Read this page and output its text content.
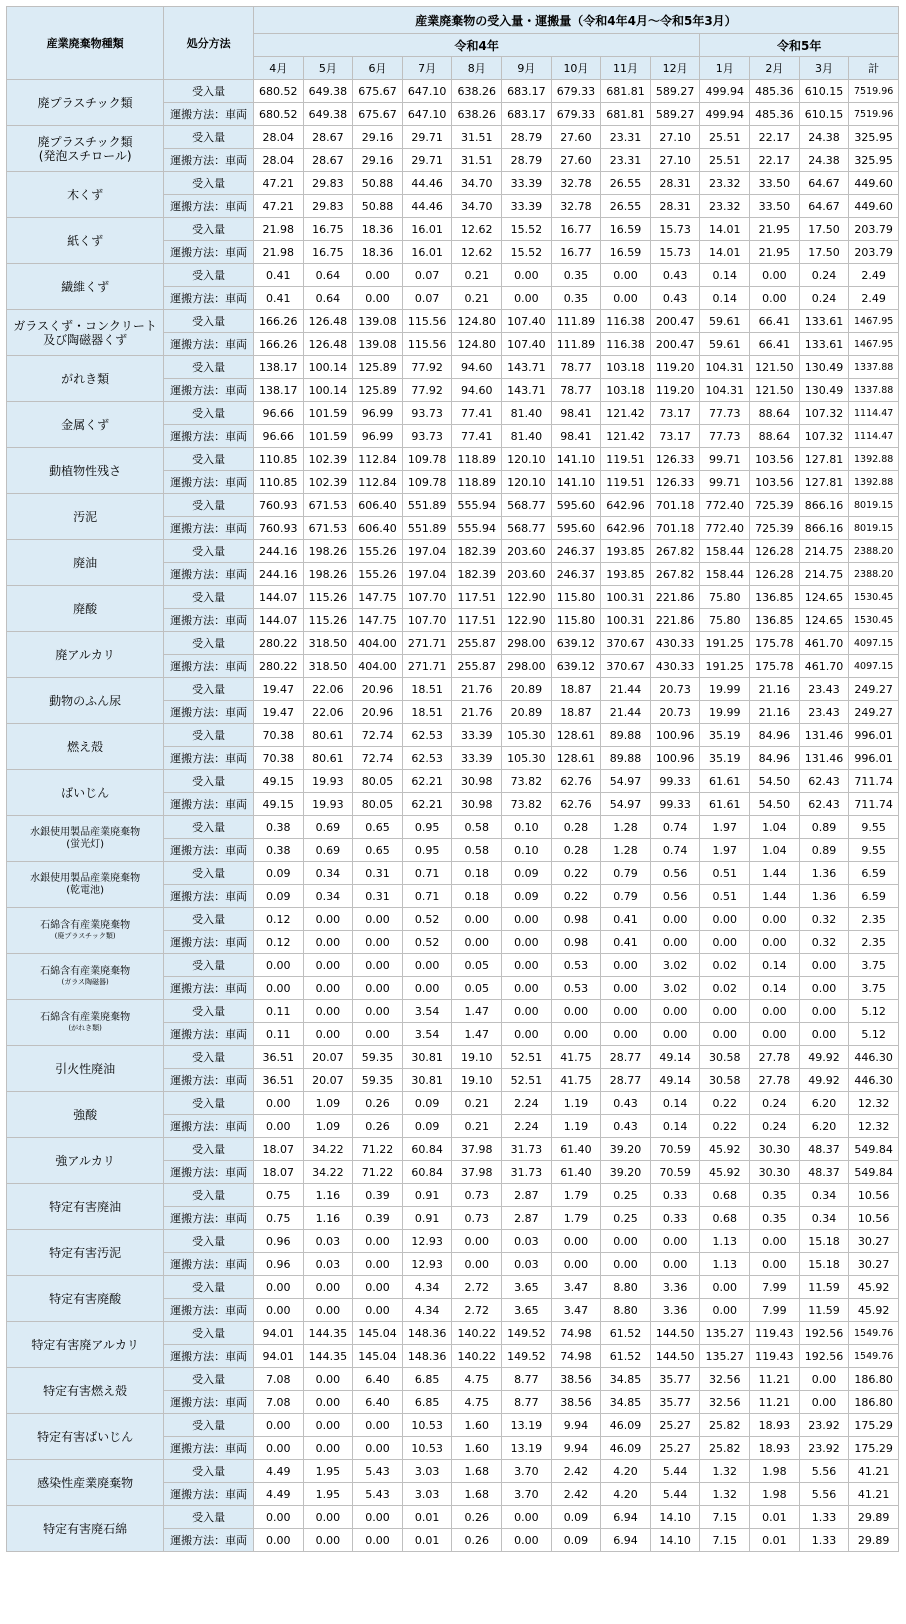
産業廃棄物種類	処分方法	産業廃棄物の受入量・運搬量（令和4年4月～令和5年3月）												
		令和4年									令和5年			
		4月	5月	6月	7月	8月	9月	10月	11月	12月	1月	2月	3月	計

廃プラスチック類	受入量	680.52	649.38	675.67	647.10	638.26	683.17	679.33	681.81	589.27	499.94	485.36	610.15	7519.96
	運搬方法：車両	680.52	649.38	675.67	647.10	638.26	683.17	679.33	681.81	589.27	499.94	485.36	610.15	7519.96

廃プラスチック類
(発泡スチロール)	受入量	28.04	28.67	29.16	29.71	31.51	28.79	27.60	23.31	27.10	25.51	22.17	24.38	325.95
	運搬方法：車両	28.04	28.67	29.16	29.71	31.51	28.79	27.60	23.31	27.10	25.51	22.17	24.38	325.95

木くず	受入量	47.21	29.83	50.88	44.46	34.70	33.39	32.78	26.55	28.31	23.32	33.50	64.67	449.60
	運搬方法：車両	47.21	29.83	50.88	44.46	34.70	33.39	32.78	26.55	28.31	23.32	33.50	64.67	449.60

紙くず	受入量	21.98	16.75	18.36	16.01	12.62	15.52	16.77	16.59	15.73	14.01	21.95	17.50	203.79
	運搬方法：車両	21.98	16.75	18.36	16.01	12.62	15.52	16.77	16.59	15.73	14.01	21.95	17.50	203.79

繊維くず	受入量	0.41	0.64	0.00	0.07	0.21	0.00	0.35	0.00	0.43	0.14	0.00	0.24	2.49
	運搬方法：車両	0.41	0.64	0.00	0.07	0.21	0.00	0.35	0.00	0.43	0.14	0.00	0.24	2.49

ガラスくず・コンクリート
及び陶磁器くず	受入量	166.26	126.48	139.08	115.56	124.80	107.40	111.89	116.38	200.47	59.61	66.41	133.61	1467.95
	運搬方法：車両	166.26	126.48	139.08	115.56	124.80	107.40	111.89	116.38	200.47	59.61	66.41	133.61	1467.95

がれき類	受入量	138.17	100.14	125.89	77.92	94.60	143.71	78.77	103.18	119.20	104.31	121.50	130.49	1337.88
	運搬方法：車両	138.17	100.14	125.89	77.92	94.60	143.71	78.77	103.18	119.20	104.31	121.50	130.49	1337.88

金属くず	受入量	96.66	101.59	96.99	93.73	77.41	81.40	98.41	121.42	73.17	77.73	88.64	107.32	1114.47
	運搬方法：車両	96.66	101.59	96.99	93.73	77.41	81.40	98.41	121.42	73.17	77.73	88.64	107.32	1114.47

動植物性残さ	受入量	110.85	102.39	112.84	109.78	118.89	120.10	141.10	119.51	126.33	99.71	103.56	127.81	1392.88
	運搬方法：車両	110.85	102.39	112.84	109.78	118.89	120.10	141.10	119.51	126.33	99.71	103.56	127.81	1392.88

汚泥	受入量	760.93	671.53	606.40	551.89	555.94	568.77	595.60	642.96	701.18	772.40	725.39	866.16	8019.15
	運搬方法：車両	760.93	671.53	606.40	551.89	555.94	568.77	595.60	642.96	701.18	772.40	725.39	866.16	8019.15

廃油	受入量	244.16	198.26	155.26	197.04	182.39	203.60	246.37	193.85	267.82	158.44	126.28	214.75	2388.20
	運搬方法：車両	244.16	198.26	155.26	197.04	182.39	203.60	246.37	193.85	267.82	158.44	126.28	214.75	2388.20

廃酸	受入量	144.07	115.26	147.75	107.70	117.51	122.90	115.80	100.31	221.86	75.80	136.85	124.65	1530.45
	運搬方法：車両	144.07	115.26	147.75	107.70	117.51	122.90	115.80	100.31	221.86	75.80	136.85	124.65	1530.45

廃アルカリ	受入量	280.22	318.50	404.00	271.71	255.87	298.00	639.12	370.67	430.33	191.25	175.78	461.70	4097.15
	運搬方法：車両	280.22	318.50	404.00	271.71	255.87	298.00	639.12	370.67	430.33	191.25	175.78	461.70	4097.15

動物のふん尿	受入量	19.47	22.06	20.96	18.51	21.76	20.89	18.87	21.44	20.73	19.99	21.16	23.43	249.27
	運搬方法：車両	19.47	22.06	20.96	18.51	21.76	20.89	18.87	21.44	20.73	19.99	21.16	23.43	249.27

燃え殻	受入量	70.38	80.61	72.74	62.53	33.39	105.30	128.61	89.88	100.96	35.19	84.96	131.46	996.01
	運搬方法：車両	70.38	80.61	72.74	62.53	33.39	105.30	128.61	89.88	100.96	35.19	84.96	131.46	996.01

ばいじん	受入量	49.15	19.93	80.05	62.21	30.98	73.82	62.76	54.97	99.33	61.61	54.50	62.43	711.74
	運搬方法：車両	49.15	19.93	80.05	62.21	30.98	73.82	62.76	54.97	99.33	61.61	54.50	62.43	711.74

水銀使用製品産業廃棄物
(蛍光灯)	受入量	0.38	0.69	0.65	0.95	0.58	0.10	0.28	1.28	0.74	1.97	1.04	0.89	9.55
	運搬方法：車両	0.38	0.69	0.65	0.95	0.58	0.10	0.28	1.28	0.74	1.97	1.04	0.89	9.55

水銀使用製品産業廃棄物
(乾電池)	受入量	0.09	0.34	0.31	0.71	0.18	0.09	0.22	0.79	0.56	0.51	1.44	1.36	6.59
	運搬方法：車両	0.09	0.34	0.31	0.71	0.18	0.09	0.22	0.79	0.56	0.51	1.44	1.36	6.59

石綿含有産業廃棄物
(廃プラスチック類)	受入量	0.12	0.00	0.00	0.52	0.00	0.00	0.98	0.41	0.00	0.00	0.00	0.32	2.35
	運搬方法：車両	0.12	0.00	0.00	0.52	0.00	0.00	0.98	0.41	0.00	0.00	0.00	0.32	2.35

石綿含有産業廃棄物
(ガラス陶磁器)	受入量	0.00	0.00	0.00	0.00	0.05	0.00	0.53	0.00	3.02	0.02	0.14	0.00	3.75
	運搬方法：車両	0.00	0.00	0.00	0.00	0.05	0.00	0.53	0.00	3.02	0.02	0.14	0.00	3.75

石綿含有産業廃棄物
(がれき類)	受入量	0.11	0.00	0.00	3.54	1.47	0.00	0.00	0.00	0.00	0.00	0.00	0.00	5.12
	運搬方法：車両	0.11	0.00	0.00	3.54	1.47	0.00	0.00	0.00	0.00	0.00	0.00	0.00	5.12

引火性廃油	受入量	36.51	20.07	59.35	30.81	19.10	52.51	41.75	28.77	49.14	30.58	27.78	49.92	446.30
	運搬方法：車両	36.51	20.07	59.35	30.81	19.10	52.51	41.75	28.77	49.14	30.58	27.78	49.92	446.30

強酸	受入量	0.00	1.09	0.26	0.09	0.21	2.24	1.19	0.43	0.14	0.22	0.24	6.20	12.32
	運搬方法：車両	0.00	1.09	0.26	0.09	0.21	2.24	1.19	0.43	0.14	0.22	0.24	6.20	12.32

強アルカリ	受入量	18.07	34.22	71.22	60.84	37.98	31.73	61.40	39.20	70.59	45.92	30.30	48.37	549.84
	運搬方法：車両	18.07	34.22	71.22	60.84	37.98	31.73	61.40	39.20	70.59	45.92	30.30	48.37	549.84

特定有害廃油	受入量	0.75	1.16	0.39	0.91	0.73	2.87	1.79	0.25	0.33	0.68	0.35	0.34	10.56
	運搬方法：車両	0.75	1.16	0.39	0.91	0.73	2.87	1.79	0.25	0.33	0.68	0.35	0.34	10.56

特定有害汚泥	受入量	0.96	0.03	0.00	12.93	0.00	0.03	0.00	0.00	0.00	1.13	0.00	15.18	30.27
	運搬方法：車両	0.96	0.03	0.00	12.93	0.00	0.03	0.00	0.00	0.00	1.13	0.00	15.18	30.27

特定有害廃酸	受入量	0.00	0.00	0.00	4.34	2.72	3.65	3.47	8.80	3.36	0.00	7.99	11.59	45.92
	運搬方法：車両	0.00	0.00	0.00	4.34	2.72	3.65	3.47	8.80	3.36	0.00	7.99	11.59	45.92

特定有害廃アルカリ	受入量	94.01	144.35	145.04	148.36	140.22	149.52	74.98	61.52	144.50	135.27	119.43	192.56	1549.76
	運搬方法：車両	94.01	144.35	145.04	148.36	140.22	149.52	74.98	61.52	144.50	135.27	119.43	192.56	1549.76

特定有害燃え殻	受入量	7.08	0.00	6.40	6.85	4.75	8.77	38.56	34.85	35.77	32.56	11.21	0.00	186.80
	運搬方法：車両	7.08	0.00	6.40	6.85	4.75	8.77	38.56	34.85	35.77	32.56	11.21	0.00	186.80

特定有害ばいじん	受入量	0.00	0.00	0.00	10.53	1.60	13.19	9.94	46.09	25.27	25.82	18.93	23.92	175.29
	運搬方法：車両	0.00	0.00	0.00	10.53	1.60	13.19	9.94	46.09	25.27	25.82	18.93	23.92	175.29

感染性産業廃棄物	受入量	4.49	1.95	5.43	3.03	1.68	3.70	2.42	4.20	5.44	1.32	1.98	5.56	41.21
	運搬方法：車両	4.49	1.95	5.43	3.03	1.68	3.70	2.42	4.20	5.44	1.32	1.98	5.56	41.21

特定有害廃石綿	受入量	0.00	0.00	0.00	0.01	0.26	0.00	0.09	6.94	14.10	7.15	0.01	1.33	29.89
	運搬方法：車両	0.00	0.00	0.00	0.01	0.26	0.00	0.09	6.94	14.10	7.15	0.01	1.33	29.89
